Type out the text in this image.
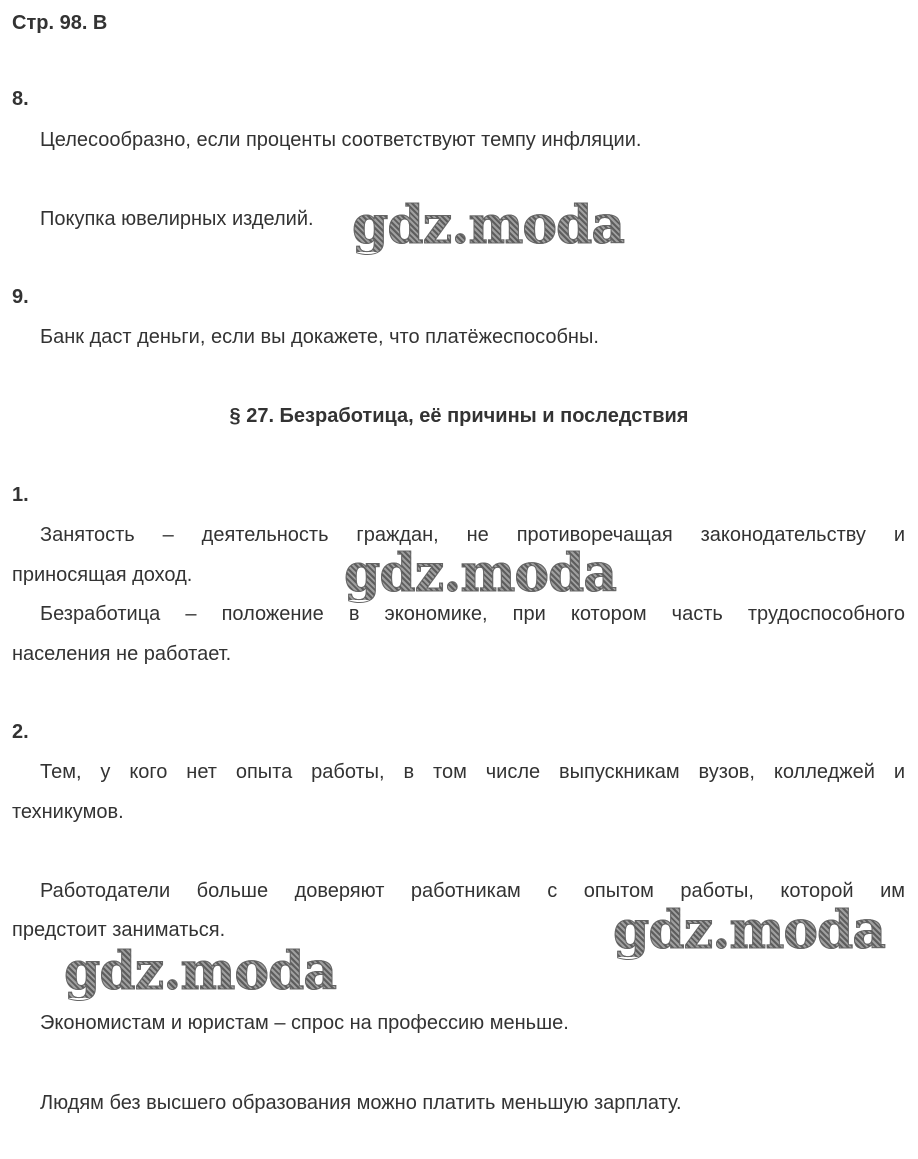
Стр. 98. В
8.
Целесообразно, если проценты соответствуют темпу инфляции.
Покупка ювелирных изделий.
9.
Банк даст деньги, если вы докажете, что платёжеспособны.
§ 27. Безработица, её причины и последствия
1.
Занятость – деятельность граждан, не противоречащая законодательству и
приносящая доход.
Безработица – положение в экономике, при котором часть трудоспособного
населения не работает.
2.
Тем, у кого нет опыта работы, в том числе выпускникам вузов, колледжей и
техникумов.
Работодатели больше доверяют работникам с опытом работы, которой им
предстоит заниматься.
Экономистам и юристам – спрос на профессию меньше.
Людям без высшего образования можно платить меньшую зарплату.
gdz.moda
gdz.moda
gdz.moda
gdz.moda
